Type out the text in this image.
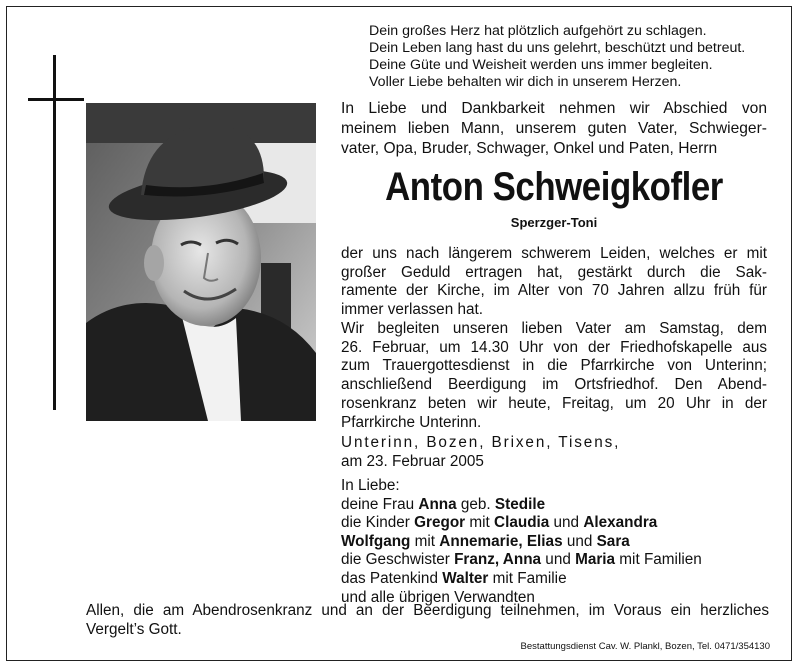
Dein großes Herz hat plötzlich aufgehört zu schlagen.
Dein Leben lang hast du uns gelehrt, beschützt und betreut.
Deine Güte und Weisheit werden uns immer begleiten.
Voller Liebe behalten wir dich in unserem Herzen.
In Liebe und Dankbarkeit nehmen wir Abschied von
meinem lieben Mann, unserem guten Vater, Schwieger-
vater, Opa, Bruder, Schwager, Onkel und Paten, Herrn
Anton Schweigkofler
Sperzger-Toni
der uns nach längerem schwerem Leiden, welches er mit
großer Geduld ertragen hat, gestärkt durch die Sak-
ramente der Kirche, im Alter von 70 Jahren allzu früh für
immer verlassen hat.
Wir begleiten unseren lieben Vater am Samstag, dem
26. Februar, um 14.30 Uhr von der Friedhofskapelle aus
zum Trauergottesdienst in die Pfarrkirche von Unterinn;
anschließend Beerdigung im Ortsfriedhof. Den Abend-
rosenkranz beten wir heute, Freitag, um 20 Uhr in der
Pfarrkirche Unterinn.
Unterinn, Bozen, Brixen, Tisens,
am 23. Februar 2005
In Liebe:
deine Frau Anna geb. Stedile
die Kinder Gregor mit Claudia und Alexandra
Wolfgang mit Annemarie, Elias und Sara
die Geschwister Franz, Anna und Maria mit Familien
das Patenkind Walter mit Familie
und alle übrigen Verwandten
Allen, die am Abendrosenkranz und an der Beerdigung teilnehmen, im Voraus ein herzliches
Vergelt’s Gott.
Bestattungsdienst Cav. W. Plankl, Bozen, Tel. 0471/354130
